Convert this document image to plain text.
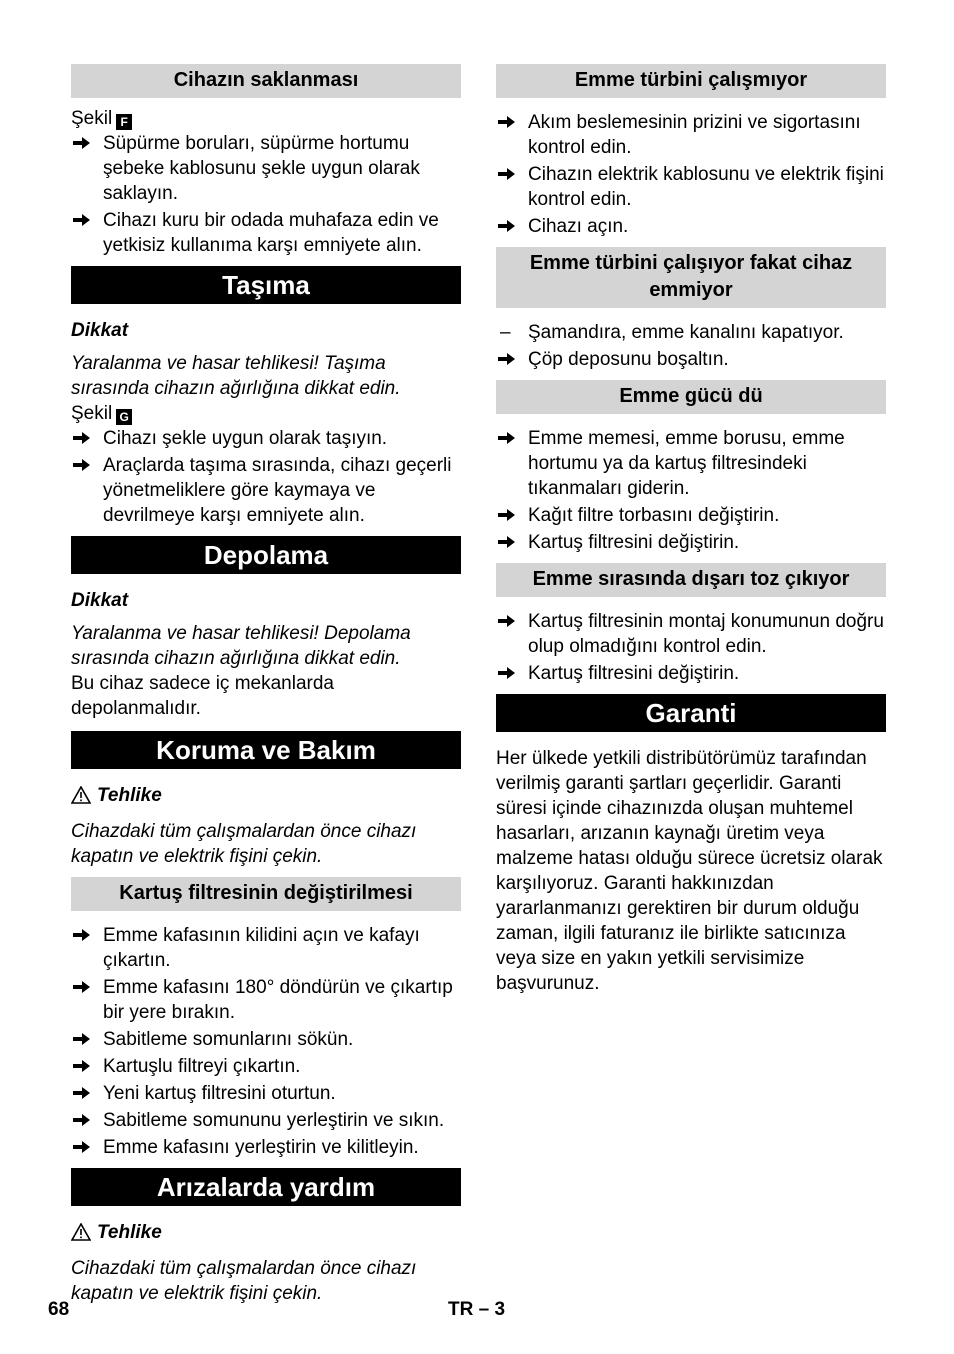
Cihazın saklanması

Şekil F

Süpürme boruları, süpürme hortumu şebeke kablosunu şekle uygun olarak saklayın.
Cihazı kuru bir odada muhafaza edin ve yetkisiz kullanıma karşı emniyete alın.
Taşıma

Dikkat

Yaralanma ve hasar tehlikesi! Taşıma sırasında cihazın ağırlığına dikkat edin.

Şekil G

Cihazı şekle uygun olarak taşıyın.
Araçlarda taşıma sırasında, cihazı geçerli yönetmeliklere göre kaymaya ve devrilmeye karşı emniyete alın.
Depolama

Dikkat

Yaralanma ve hasar tehlikesi! Depolama sırasında cihazın ağırlığına dikkat edin.

Bu cihaz sadece iç mekanlarda depolanmalıdır.

Koruma ve Bakım

Tehlike

Cihazdaki tüm çalışmalardan önce cihazı kapatın ve elektrik fişini çekin.

Kartuş filtresinin değiştirilmesi
Emme kafasının kilidini açın ve kafayı çıkartın.
Emme kafasını 180° döndürün ve çıkartıp bir yere bırakın.
Sabitleme somunlarını sökün.
Kartuşlu filtreyi çıkartın.
Yeni kartuş filtresini oturtun.
Sabitleme somununu yerleştirin ve sıkın.
Emme kafasını yerleştirin ve kilitleyin.
Arızalarda yardım

Tehlike

Cihazdaki tüm çalışmalardan önce cihazı kapatın ve elektrik fişini çekin.

Emme türbini çalışmıyor
Akım beslemesinin prizini ve sigortasını kontrol edin.
Cihazın elektrik kablosunu ve elektrik fişini kontrol edin.
Cihazı açın.
Emme türbini çalışıyor fakat cihaz emmiyor
– Şamandıra, emme kanalını kapatıyor.
Çöp deposunu boşaltın.
Emme gücü dü
Emme memesi, emme borusu, emme hortumu ya da kartuş filtresindeki tıkanmaları giderin.
Kağıt filtre torbasını değiştirin.
Kartuş filtresini değiştirin.
Emme sırasında dışarı toz çıkıyor
Kartuş filtresinin montaj konumunun doğru olup olmadığını kontrol edin.
Kartuş filtresini değiştirin.
Garanti

Her ülkede yetkili distribütörümüz tarafından verilmiş garanti şartları geçerlidir. Garanti süresi içinde cihazınızda oluşan muhtemel hasarları, arızanın kaynağı üretim veya malzeme hatası olduğu sürece ücretsiz olarak karşılıyoruz. Garanti hakkınızdan yararlanmanızı gerektiren bir durum olduğu zaman, ilgili faturanız ile birlikte satıcınıza veya size en yakın yetkili servisimize başvurunuz.

68	TR – 3
